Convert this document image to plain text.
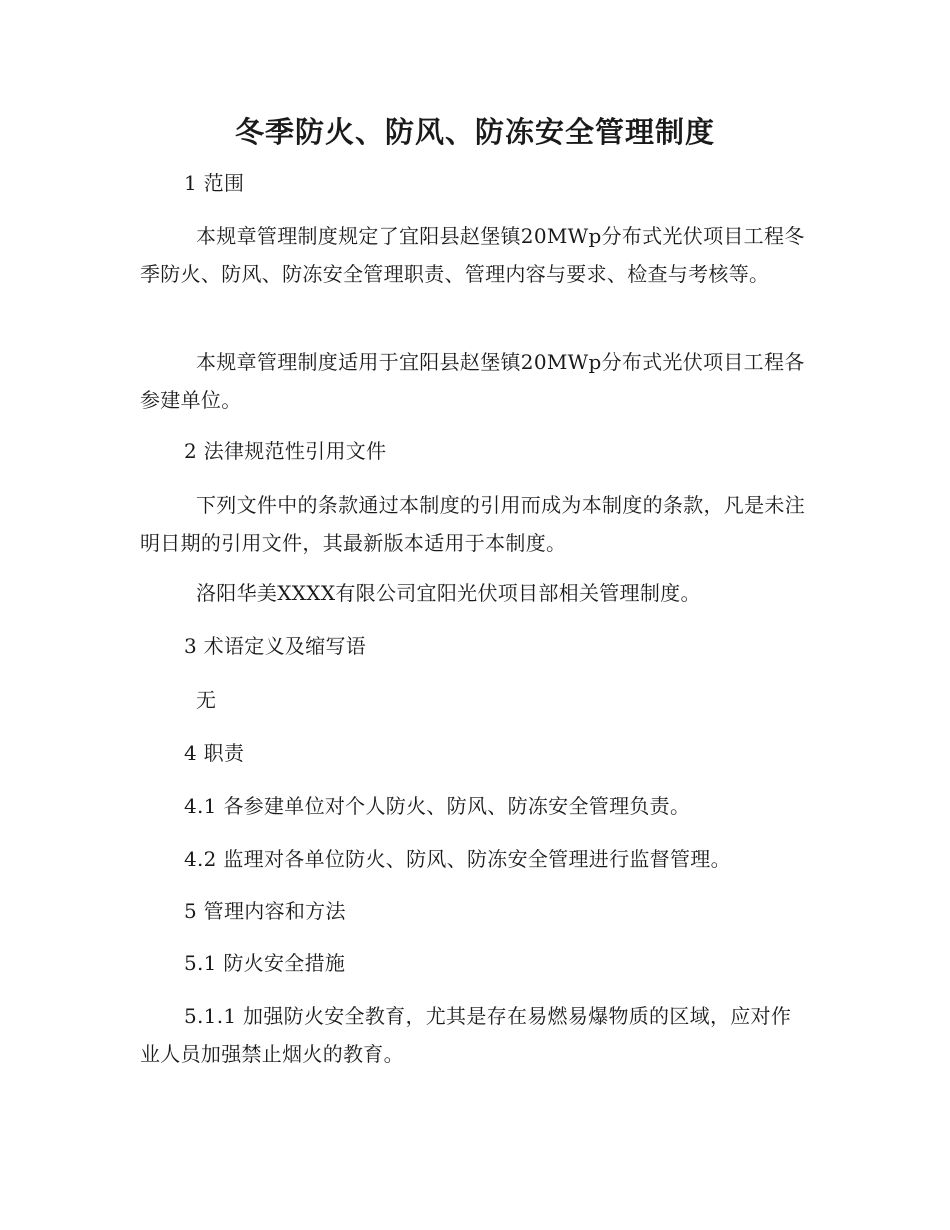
冬季防火、防风、防冻安全管理制度

1 范围

本规章管理制度规定了宜阳县赵堡镇20MWp分布式光伏项目工程冬季防火、防风、防冻安全管理职责、管理内容与要求、检查与考核等。

本规章管理制度适用于宜阳县赵堡镇20MWp分布式光伏项目工程各参建单位。

2 法律规范性引用文件

下列文件中的条款通过本制度的引用而成为本制度的条款，凡是未注明日期的引用文件，其最新版本适用于本制度。

洛阳华美XXXX有限公司宜阳光伏项目部相关管理制度。

3 术语定义及缩写语

无

4 职责

4.1 各参建单位对个人防火、防风、防冻安全管理负责。

4.2 监理对各单位防火、防风、防冻安全管理进行监督管理。

5 管理内容和方法

5.1 防火安全措施

5.1.1 加强防火安全教育，尤其是存在易燃易爆物质的区域，应对作业人员加强禁止烟火的教育。
